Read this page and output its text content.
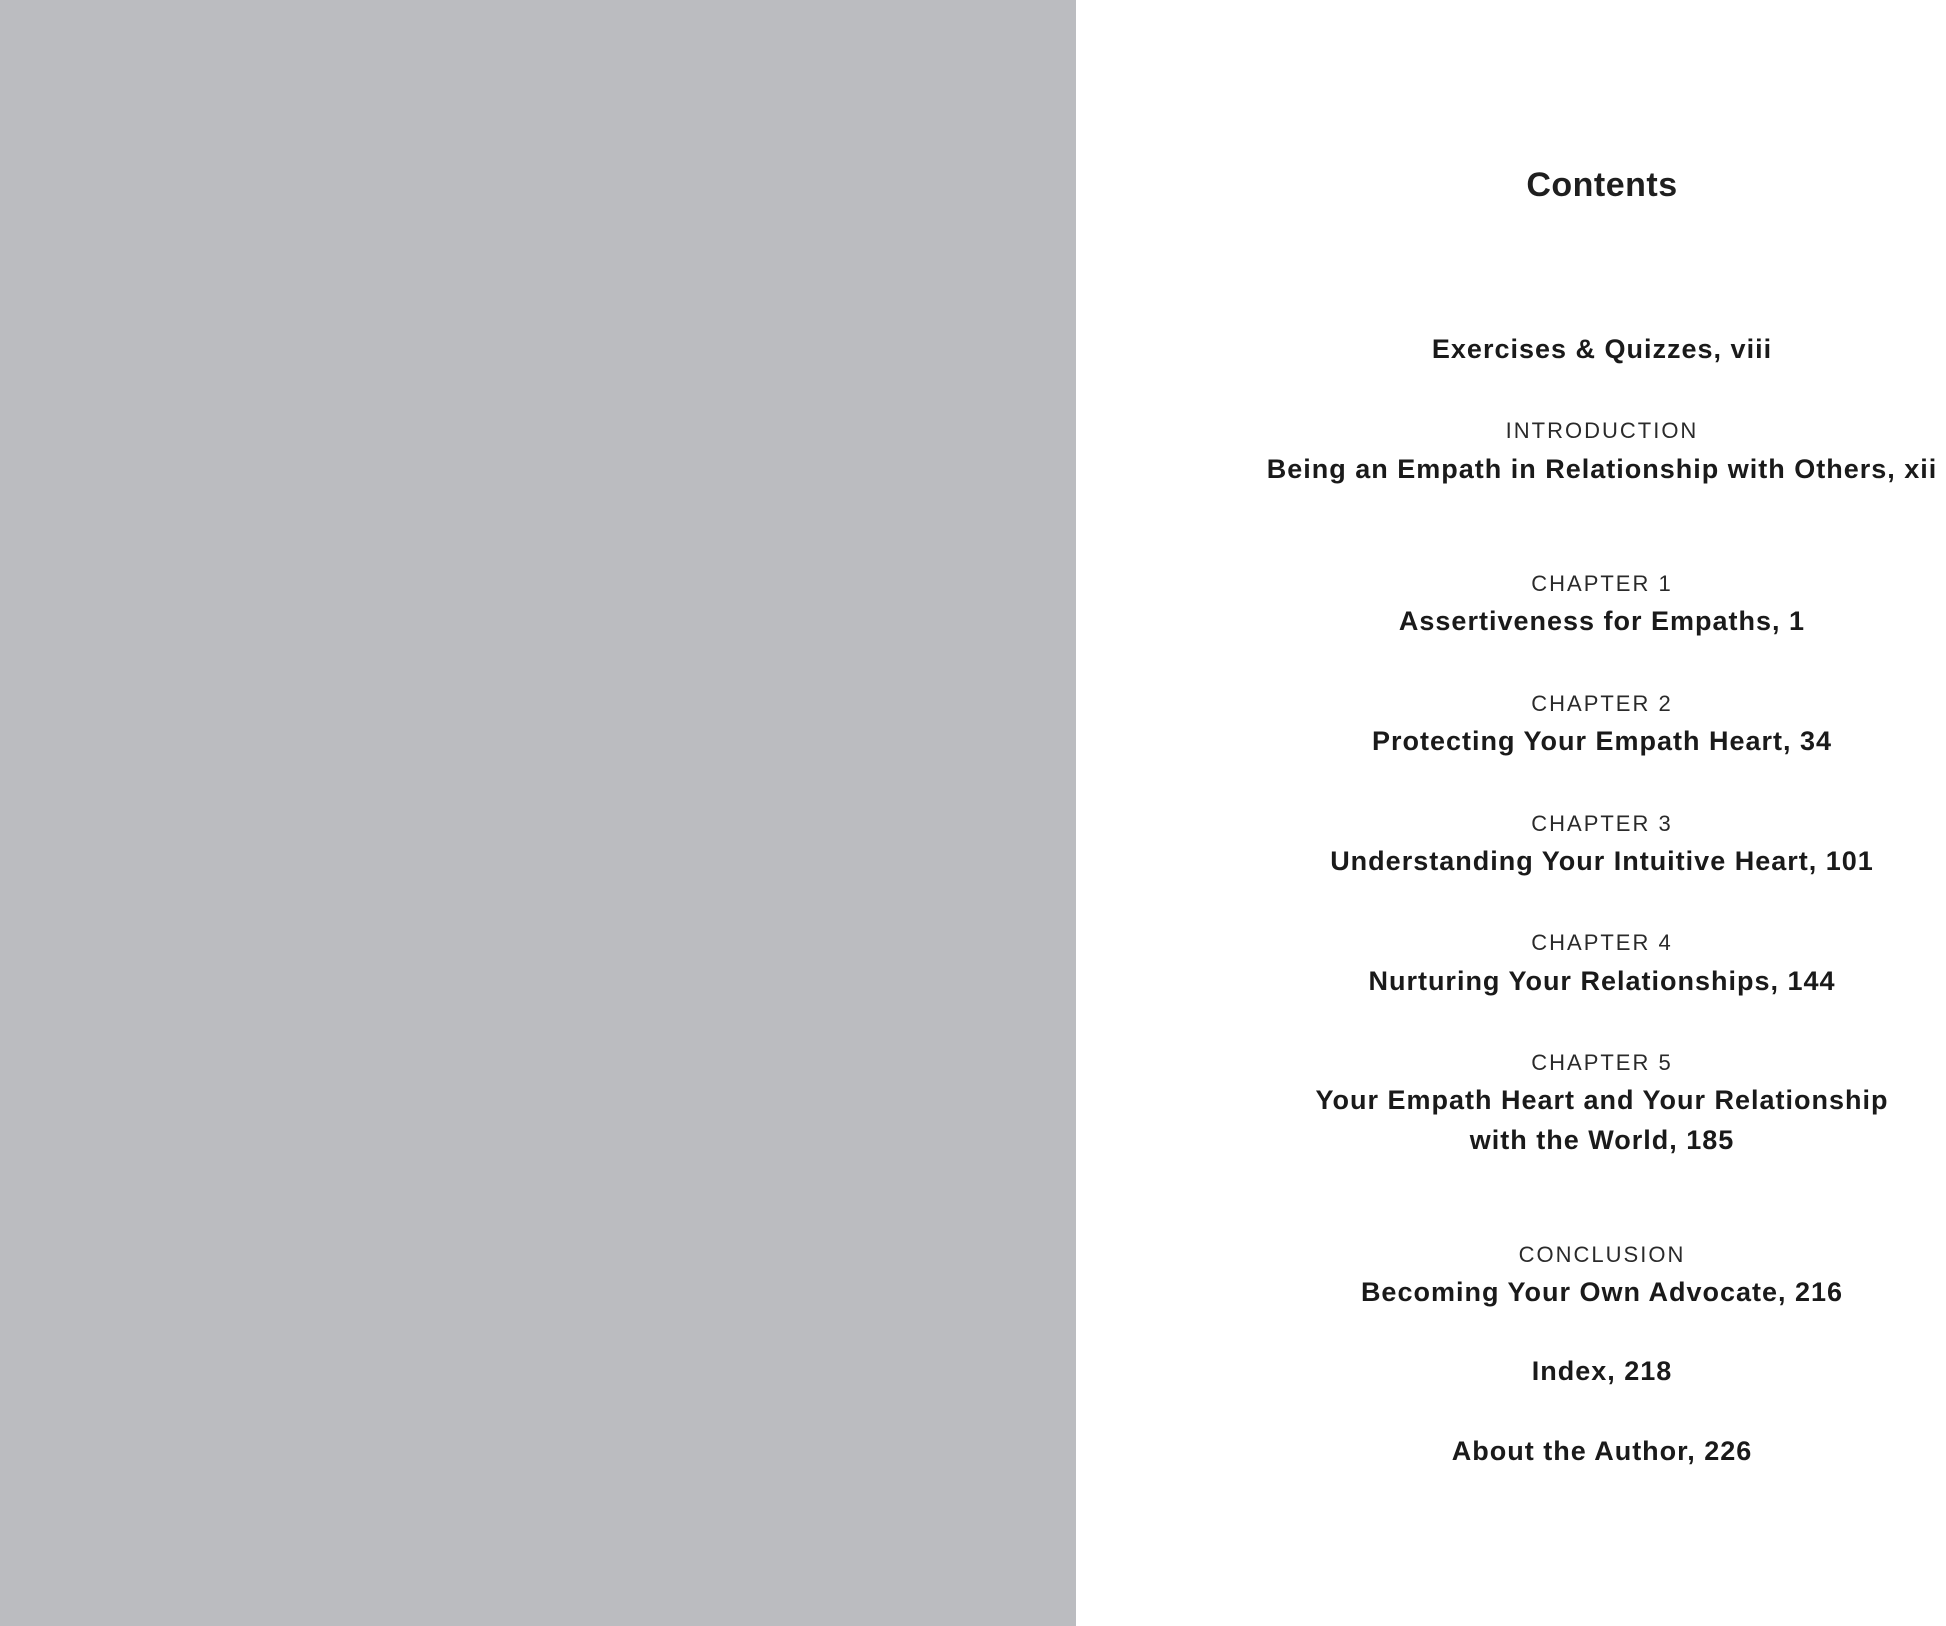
Contents
Exercises & Quizzes, viii
INTRODUCTION
Being an Empath in Relationship with Others, xii
CHAPTER 1
Assertiveness for Empaths, 1
CHAPTER 2
Protecting Your Empath Heart, 34
CHAPTER 3
Understanding Your Intuitive Heart, 101
CHAPTER 4
Nurturing Your Relationships, 144
CHAPTER 5
Your Empath Heart and Your Relationship
with the World, 185
CONCLUSION
Becoming Your Own Advocate, 216
Index, 218
About the Author, 226
